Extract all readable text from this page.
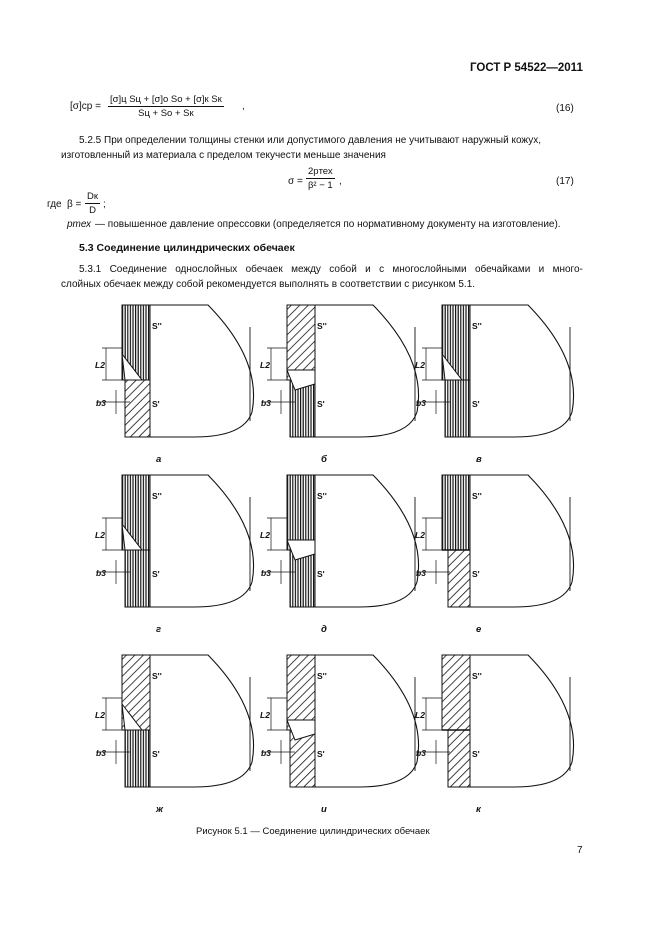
ГОСТ Р 54522—2011
[σ]ср =
[σ]ц Sц + [σ]о Sо + [σ]к Sк
Sц + Sо + Sк
,	(16)
5.2.5 При определении толщины стенки или допустимого давления не учитывают наружный кожух,
изготовленный из материала с пределом текучести меньше значения
σ =
2pтех
β² − 1 ,	(17)
где β =
Dк
D
;
pтех — повышенное давление опрессовки (определяется по нормативному документу на изготовление).
5.3 Соединение цилиндрических обечаек
5.3.1 Соединение однослойных обечаек между собой и с многослойными обечайками и много-
слойных обечаек между собой рекомендуется выполнять в соответствии с рисунком 5.1.
S''
S'
L2
b3
а
S''
S'
L2
b3
б
S''
S'
L2
b3
в
S''
S'
L2
b3
г
S''
S'
L2
b3
д
S''
S'
L2
b3
е
S''
S'
L2
b3
ж
S''
S'
L2
b3
и
S''
S'
L2
b3
к
Рисунок 5.1 — Соединение цилиндрических обечаек
7
